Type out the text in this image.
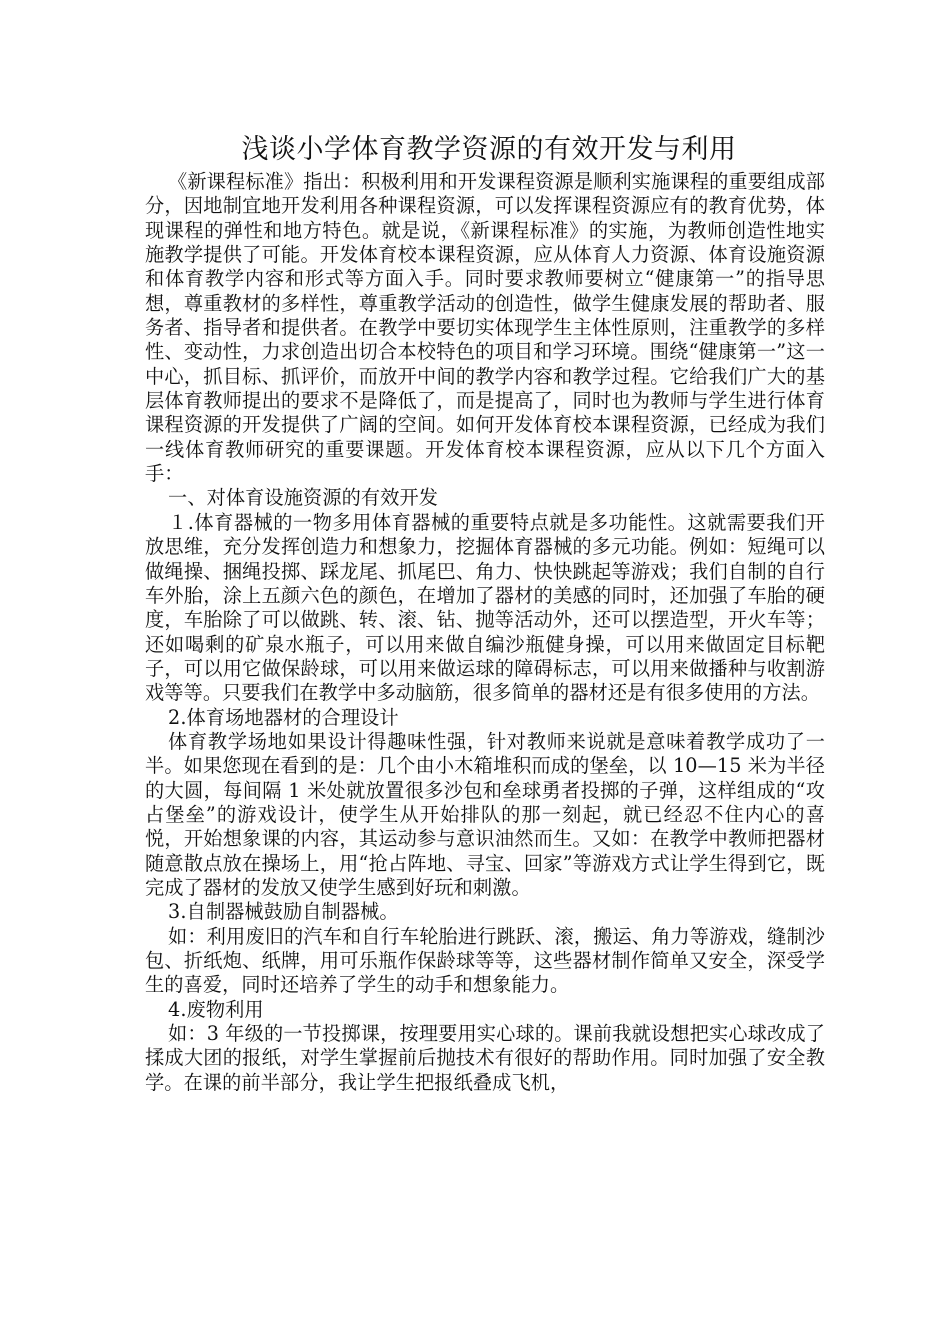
浅谈小学体育教学资源的有效开发与利用

《新课程标准》指出：积极利用和开发课程资源是顺利实施课程的重要组成部分，因地制宜地开发利用各种课程资源，可以发挥课程资源应有的教育优势，体现课程的弹性和地方特色。就是说，《新课程标准》的实施，为教师创造性地实施教学提供了可能。开发体育校本课程资源，应从体育人力资源、体育设施资源和体育教学内容和形式等方面入手。同时要求教师要树立“健康第一”的指导思想，尊重教材的多样性，尊重教学活动的创造性，做学生健康发展的帮助者、服务者、指导者和提供者。在教学中要切实体现学生主体性原则，注重教学的多样性、变动性，力求创造出切合本校特色的项目和学习环境。围绕“健康第一”这一中心，抓目标、抓评价，而放开中间的教学内容和教学过程。它给我们广大的基层体育教师提出的要求不是降低了，而是提高了，同时也为教师与学生进行体育课程资源的开发提供了广阔的空间。如何开发体育校本课程资源，已经成为我们一线体育教师研究的重要课题。开发体育校本课程资源，应从以下几个方面入手：

一、对体育设施资源的有效开发

１.体育器械的一物多用体育器械的重要特点就是多功能性。这就需要我们开放思维，充分发挥创造力和想象力，挖掘体育器械的多元功能。例如：短绳可以做绳操、捆绳投掷、踩龙尾、抓尾巴、角力、快快跳起等游戏；我们自制的自行车外胎，涂上五颜六色的颜色，在增加了器材的美感的同时，还加强了车胎的硬度，车胎除了可以做跳、转、滚、钻、抛等活动外，还可以摆造型，开火车等；还如喝剩的矿泉水瓶子，可以用来做自编沙瓶健身操，可以用来做固定目标靶子，可以用它做保龄球，可以用来做运球的障碍标志，可以用来做播种与收割游戏等等。只要我们在教学中多动脑筋，很多简单的器材还是有很多使用的方法。

2.体育场地器材的合理设计

体育教学场地如果设计得趣味性强，针对教师来说就是意味着教学成功了一半。如果您现在看到的是：几个由小木箱堆积而成的堡垒，以 10—15 米为半径的大圆，每间隔 1 米处就放置很多沙包和垒球勇者投掷的子弹，这样组成的“攻占堡垒”的游戏设计，使学生从开始排队的那一刻起，就已经忍不住内心的喜悦，开始想象课的内容，其运动参与意识油然而生。又如：在教学中教师把器材随意散点放在操场上，用“抢占阵地、寻宝、回家”等游戏方式让学生得到它，既完成了器材的发放又使学生感到好玩和刺激。

3.自制器械鼓励自制器械。

如：利用废旧的汽车和自行车轮胎进行跳跃、滚，搬运、角力等游戏，缝制沙包、折纸炮、纸牌，用可乐瓶作保龄球等等，这些器材制作简单又安全，深受学生的喜爱，同时还培养了学生的动手和想象能力。

4.废物利用

如：3 年级的一节投掷课，按理要用实心球的。课前我就设想把实心球改成了揉成大团的报纸，对学生掌握前后抛技术有很好的帮助作用。同时加强了安全教学。在课的前半部分，我让学生把报纸叠成飞机，
